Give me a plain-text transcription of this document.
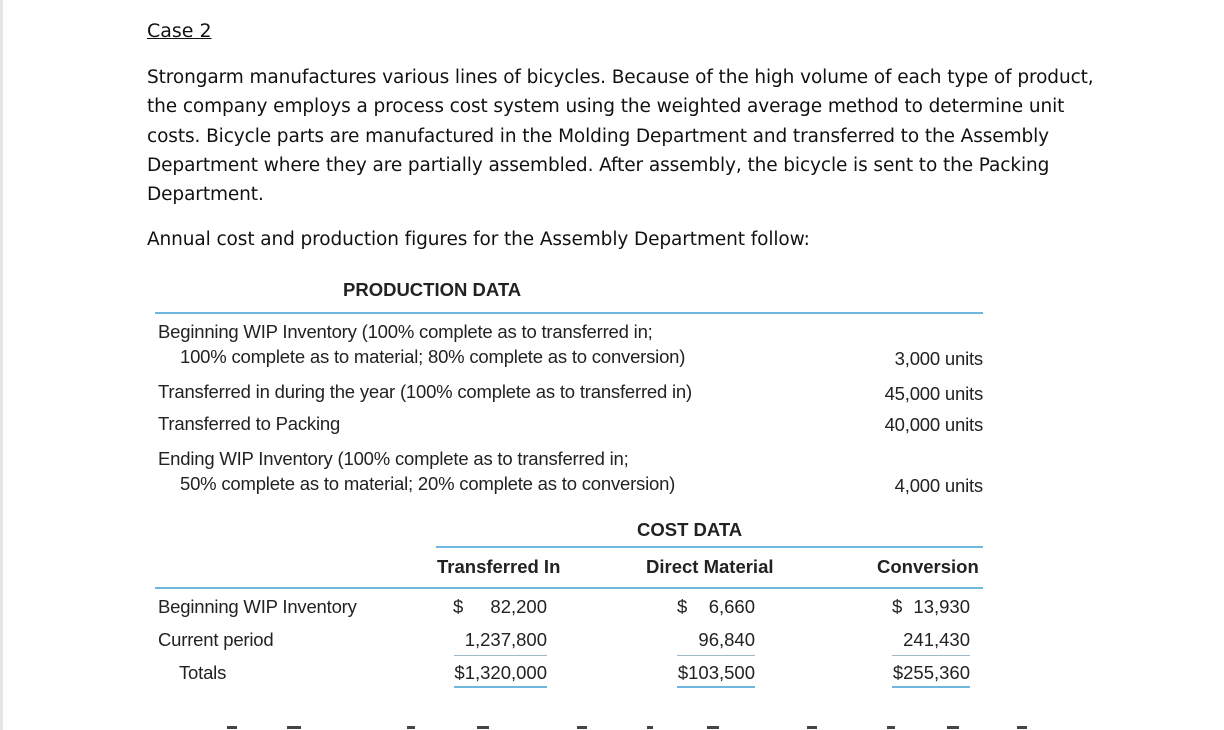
Case 2
Strongarm manufactures various lines of bicycles. Because of the high volume of each type of product, the company employs a process cost system using the weighted average method to determine unit costs. Bicycle parts are manufactured in the Molding Department and transferred to the Assembly Department where they are partially assembled. After assembly, the bicycle is sent to the Packing Department.
Annual cost and production figures for the Assembly Department follow:
PRODUCTION DATA
Beginning WIP Inventory (100% complete as to transferred in;
100% complete as to material; 80% complete as to conversion)	3,000 units
Transferred in during the year (100% complete as to transferred in)	45,000 units
Transferred to Packing	40,000 units
Ending WIP Inventory (100% complete as to transferred in;
50% complete as to material; 20% complete as to conversion)	4,000 units
COST DATA
Transferred In	Direct Material	Conversion
Beginning WIP Inventory	$	82,200	$	6,660	$ 13,930
Current period	1,237,800	96,840	241,430
Totals	$1,320,000	$103,500	$255,360
